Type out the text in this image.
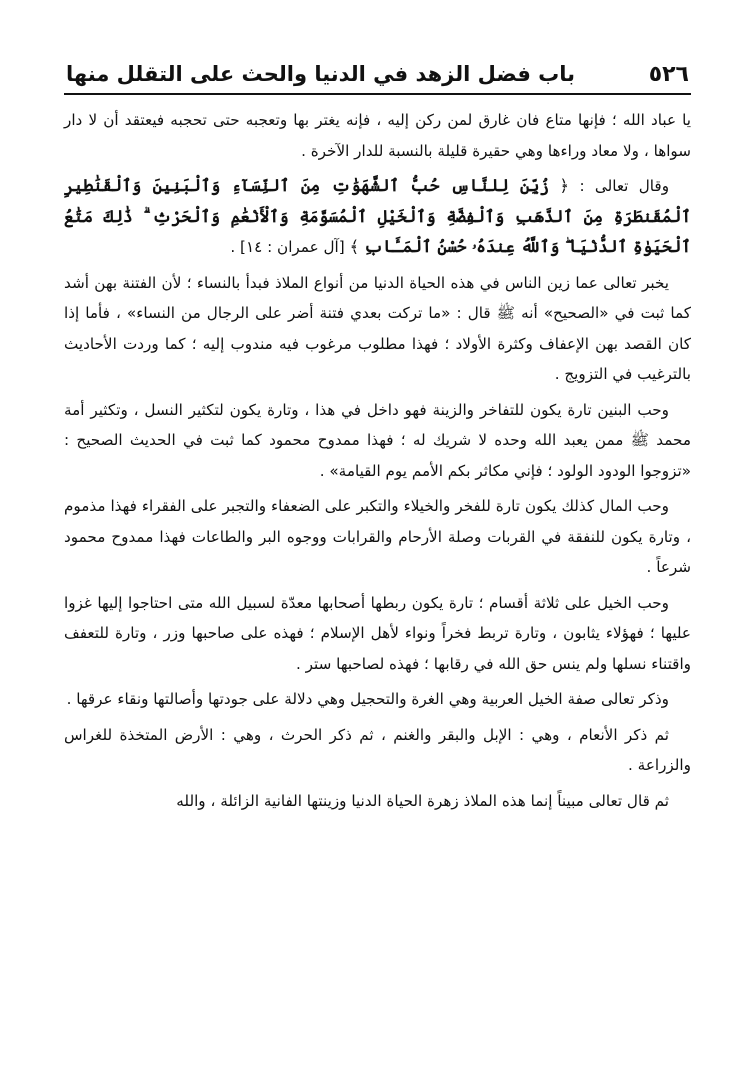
٥٢٦
باب فضل الزهد في الدنيا والحث على التقلل منها

يا عباد الله ؛ فإنها متاع فان غارق لمن ركن إليه ، فإنه يغتر بها وتعجبه حتى تحجبه فيعتقد أن لا دار سواها ، ولا معاد وراءها وهي حقيرة قليلة بالنسبة للدار الآخرة .

وقال تعالى : ﴿ زُيِّنَ لِلنَّاسِ حُبُّ ٱلشَّهَوَٰتِ مِنَ ٱلنِّسَآءِ وَٱلْبَنِينَ وَٱلْقَنَٰطِيرِ ٱلْمُقَنطَرَةِ مِنَ ٱلذَّهَبِ وَٱلْفِضَّةِ وَٱلْخَيْلِ ٱلْمُسَوَّمَةِ وَٱلْأَنْعَٰمِ وَٱلْحَرْثِ ۗ ذَٰلِكَ مَتَٰعُ ٱلْحَيَوٰةِ ٱلدُّنْيَا ۖ وَٱللَّهُ عِندَهُۥ حُسْنُ ٱلْمَـَٔابِ ﴾ [آل عمران : ١٤] .

يخبر تعالى عما زين الناس في هذه الحياة الدنيا من أنواع الملاذ فبدأ بالنساء ؛ لأن الفتنة بهن أشد كما ثبت في «الصحيح» أنه ﷺ قال : «ما تركت بعدي فتنة أضر على الرجال من النساء» ، فأما إذا كان القصد بهن الإعفاف وكثرة الأولاد ؛ فهذا مطلوب مرغوب فيه مندوب إليه ؛ كما وردت الأحاديث بالترغيب في التزويج .

وحب البنين تارة يكون للتفاخر والزينة فهو داخل في هذا ، وتارة يكون لتكثير النسل ، وتكثير أمة محمد ﷺ ممن يعبد الله وحده لا شريك له ؛ فهذا ممدوح محمود كما ثبت في الحديث الصحيح : «تزوجوا الودود الولود ؛ فإني مكاثر بكم الأمم يوم القيامة» .

وحب المال كذلك يكون تارة للفخر والخيلاء والتكبر على الضعفاء والتجبر على الفقراء فهذا مذموم ، وتارة يكون للنفقة في القربات وصلة الأرحام والقرابات ووجوه البر والطاعات فهذا ممدوح محمود شرعاً .

وحب الخيل على ثلاثة أقسام ؛ تارة يكون ربطها أصحابها معدّة لسبيل الله متى احتاجوا إليها غزوا عليها ؛ فهؤلاء يثابون ، وتارة تربط فخراً ونواء لأهل الإسلام ؛ فهذه على صاحبها وزر ، وتارة للتعفف واقتناء نسلها ولم ينس حق الله في رقابها ؛ فهذه لصاحبها ستر .

وذكر تعالى صفة الخيل العربية وهي الغرة والتحجيل وهي دلالة على جودتها وأصالتها ونقاء عرقها .

ثم ذكر الأنعام ، وهي : الإبل والبقر والغنم ، ثم ذكر الحرث ، وهي : الأرض المتخذة للغراس والزراعة .

ثم قال تعالى مبيناً إنما هذه الملاذ زهرة الحياة الدنيا وزينتها الفانية الزائلة ، والله
